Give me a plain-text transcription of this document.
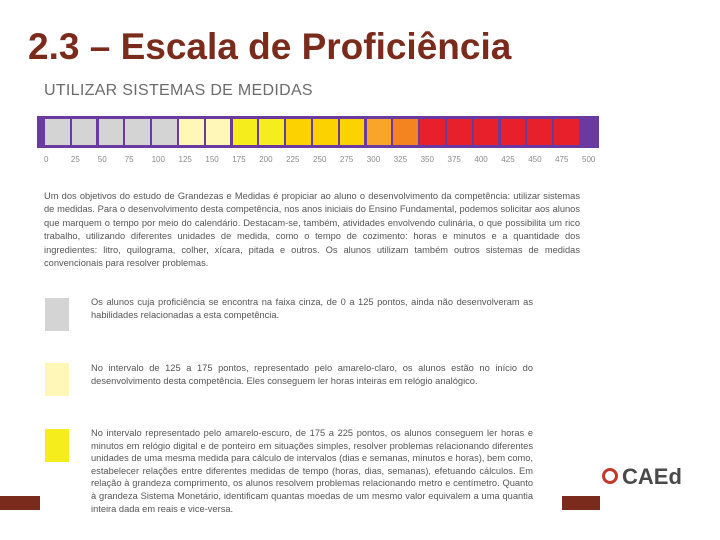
2.3 – Escala de Proficiência
UTILIZAR SISTEMAS DE MEDIDAS
0	25 50 75 100 125 150 175 200 225 250 275 300 325 350 375 400 425 450 475 500
Um dos objetivos do estudo de Grandezas e Medidas é propiciar ao aluno o desenvolvimento da competência: utilizar sistemas de medidas. Para o desenvolvimento desta competência, nos anos iniciais do Ensino Fundamental, podemos solicitar aos alunos que marquem o tempo por meio do calendário. Destacam-se, também, atividades envolvendo culinária, o que possibilita um rico trabalho, utilizando diferentes unidades de medida, como o tempo de cozimento: horas e minutos e a quantidade dos ingredientes: litro, quilograma, colher, xícara, pitada e outros. Os alunos utilizam também outros sistemas de medidas convencionais para resolver problemas.
Os alunos cuja proficiência se encontra na faixa cinza, de 0 a 125 pontos, ainda não desenvolveram as habilidades relacionadas a esta competência.
No intervalo de 125 a 175 pontos, representado pelo amarelo-claro, os alunos estão no início do desenvolvimento desta competência. Eles conseguem ler horas inteiras em relógio analógico.
No intervalo representado pelo amarelo-escuro, de 175 a 225 pontos, os alunos conseguem ler horas e minutos em relógio digital e de ponteiro em situações simples, resolver problemas relacionando diferentes unidades de uma mesma medida para cálculo de intervalos (dias e semanas, minutos e horas), bem como, estabelecer relações entre diferentes medidas de tempo (horas, dias, semanas), efetuando cálculos. Em relação à grandeza comprimento, os alunos resolvem problemas relacionando metro e centímetro. Quanto à grandeza Sistema Monetário, identificam quantas moedas de um mesmo valor equivalem a uma quantia inteira dada em reais e vice-versa.
CAEd
